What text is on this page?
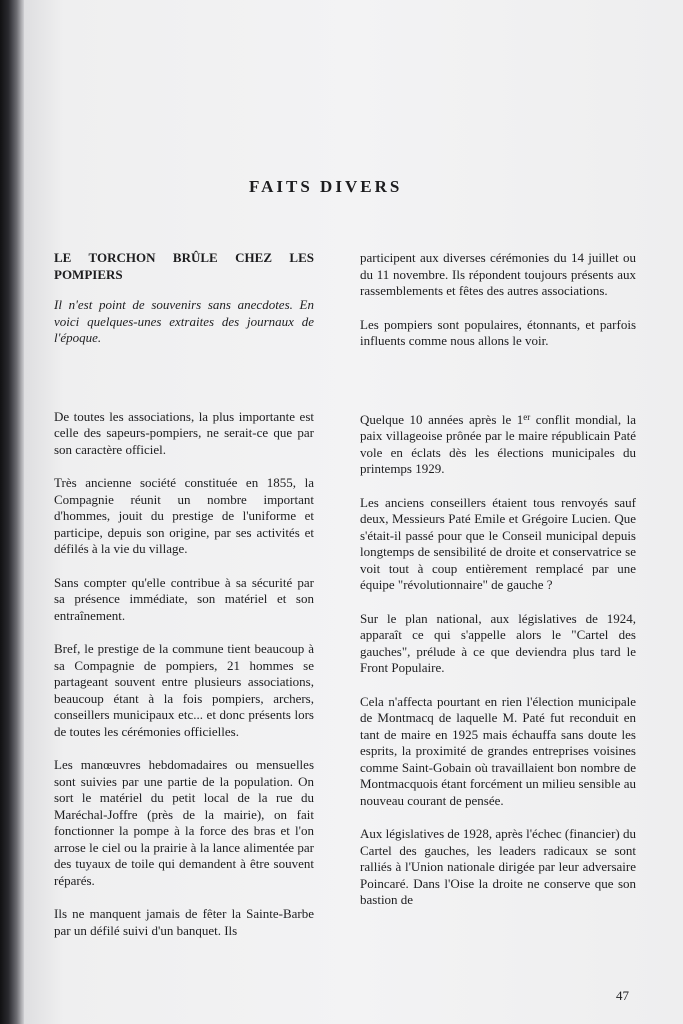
FAITS DIVERS

LE TORCHON BRÛLE CHEZ LES POMPIERS

Il n'est point de souvenirs sans anecdotes. En voici quelques-unes extraites des journaux de l'époque.

De toutes les associations, la plus importante est celle des sapeurs-pompiers, ne serait-ce que par son caractère officiel.

Très ancienne société constituée en 1855, la Compagnie réunit un nombre important d'hommes, jouit du prestige de l'uniforme et participe, depuis son origine, par ses activités et défilés à la vie du village.

Sans compter qu'elle contribue à sa sécurité par sa présence immédiate, son matériel et son entraînement.

Bref, le prestige de la commune tient beaucoup à sa Compagnie de pompiers, 21 hommes se partageant souvent entre plusieurs associations, beaucoup étant à la fois pompiers, archers, conseillers municipaux etc... et donc présents lors de toutes les cérémonies officielles.

Les manœuvres hebdomadaires ou mensuelles sont suivies par une partie de la population. On sort le matériel du petit local de la rue du Maréchal-Joffre (près de la mairie), on fait fonctionner la pompe à la force des bras et l'on arrose le ciel ou la prairie à la lance alimentée par des tuyaux de toile qui demandent à être souvent réparés.

Ils ne manquent jamais de fêter la Sainte-Barbe par un défilé suivi d'un banquet. Ils

participent aux diverses cérémonies du 14 juillet ou du 11 novembre. Ils répondent toujours présents aux rassemblements et fêtes des autres associations.

Les pompiers sont populaires, étonnants, et parfois influents comme nous allons le voir.

Quelque 10 années après le 1er conflit mondial, la paix villageoise prônée par le maire républicain Paté vole en éclats dès les élections municipales du printemps 1929.

Les anciens conseillers étaient tous renvoyés sauf deux, Messieurs Paté Emile et Grégoire Lucien. Que s'était-il passé pour que le Conseil municipal depuis longtemps de sensibilité de droite et conservatrice se voit tout à coup entièrement remplacé par une équipe "révolutionnaire" de gauche ?

Sur le plan national, aux législatives de 1924, apparaît ce qui s'appelle alors le "Cartel des gauches", prélude à ce que deviendra plus tard le Front Populaire.

Cela n'affecta pourtant en rien l'élection municipale de Montmacq de laquelle M. Paté fut reconduit en tant de maire en 1925 mais échauffa sans doute les esprits, la proximité de grandes entreprises voisines comme Saint-Gobain où travaillaient bon nombre de Montmacquois étant forcément un milieu sensible au nouveau courant de pensée.

Aux législatives de 1928, après l'échec (financier) du Cartel des gauches, les leaders radicaux se sont ralliés à l'Union nationale dirigée par leur adversaire Poincaré. Dans l'Oise la droite ne conserve que son bastion de

47
